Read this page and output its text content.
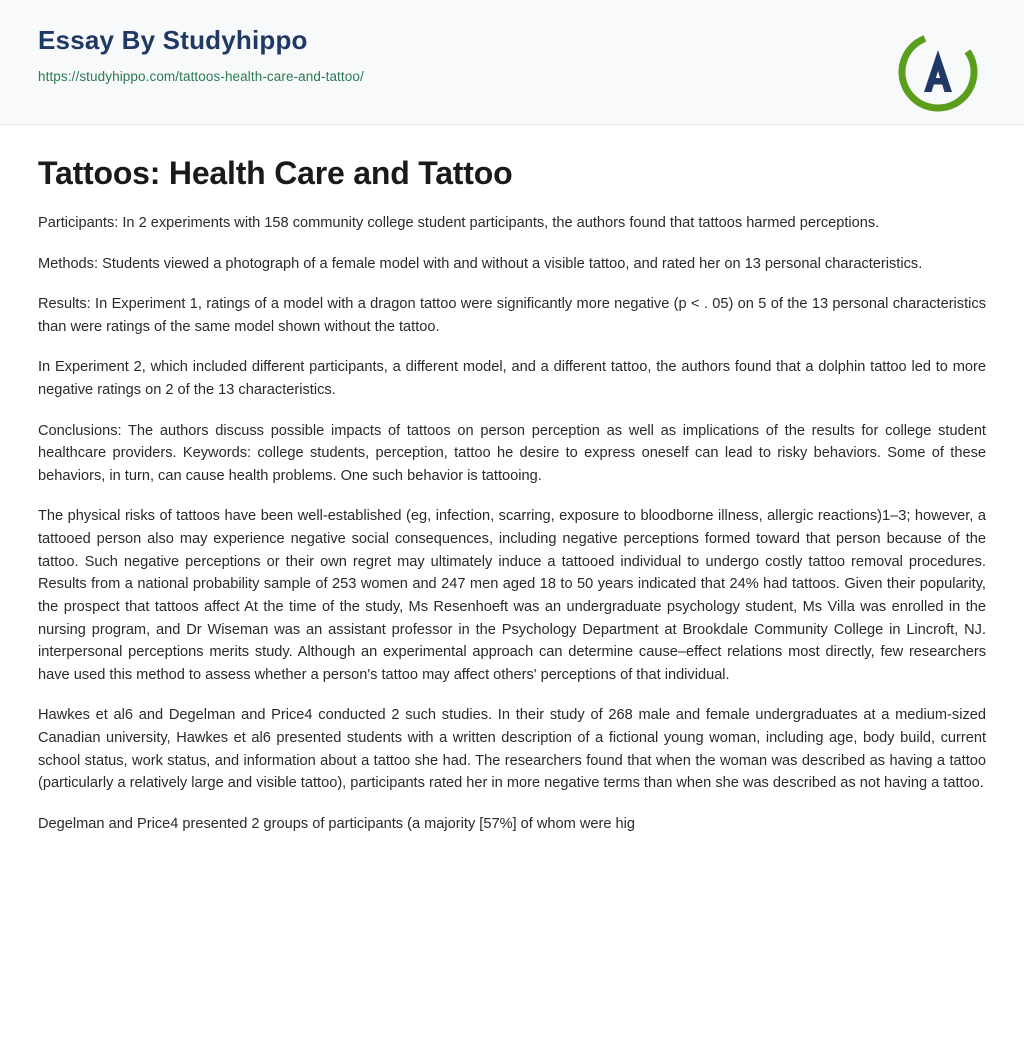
Essay By Studyhippo
https://studyhippo.com/tattoos-health-care-and-tattoo/
Tattoos: Health Care and Tattoo

Participants: In 2 experiments with 158 community college student participants, the authors found that tattoos harmed perceptions.

Methods: Students viewed a photograph of a female model with and without a visible tattoo, and rated her on 13 personal characteristics.

Results: In Experiment 1, ratings of a model with a dragon tattoo were significantly more negative (p < . 05) on 5 of the 13 personal characteristics than were ratings of the same model shown without the tattoo.

In Experiment 2, which included different participants, a different model, and a different tattoo, the authors found that a dolphin tattoo led to more negative ratings on 2 of the 13 characteristics.

Conclusions: The authors discuss possible impacts of tattoos on person perception as well as implications of the results for college student healthcare providers. Keywords: college students, perception, tattoo he desire to express oneself can lead to risky behaviors. Some of these behaviors, in turn, can cause health problems. One such behavior is tattooing.

The physical risks of tattoos have been well-established (eg, infection, scarring, exposure to bloodborne illness, allergic reactions)1–3; however, a tattooed person also may experience negative social consequences, including negative perceptions formed toward that person because of the tattoo. Such negative perceptions or their own regret may ultimately induce a tattooed individual to undergo costly tattoo removal procedures. Results from a national probability sample of 253 women and 247 men aged 18 to 50 years indicated that 24% had tattoos. Given their popularity, the prospect that tattoos affect At the time of the study, Ms Resenhoeft was an undergraduate psychology student, Ms Villa was enrolled in the nursing program, and Dr Wiseman was an assistant professor in the Psychology Department at Brookdale Community College in Lincroft, NJ. interpersonal perceptions merits study. Although an experimental approach can determine cause–effect relations most directly, few researchers have used this method to assess whether a person's tattoo may affect others' perceptions of that individual.

Hawkes et al6 and Degelman and Price4 conducted 2 such studies. In their study of 268 male and female undergraduates at a medium-sized Canadian university, Hawkes et al6 presented students with a written description of a fictional young woman, including age, body build, current school status, work status, and information about a tattoo she had. The researchers found that when the woman was described as having a tattoo (particularly a relatively large and visible tattoo), participants rated her in more negative terms than when she was described as not having a tattoo.

Degelman and Price4 presented 2 groups of participants (a majority [57%] of whom were hig
